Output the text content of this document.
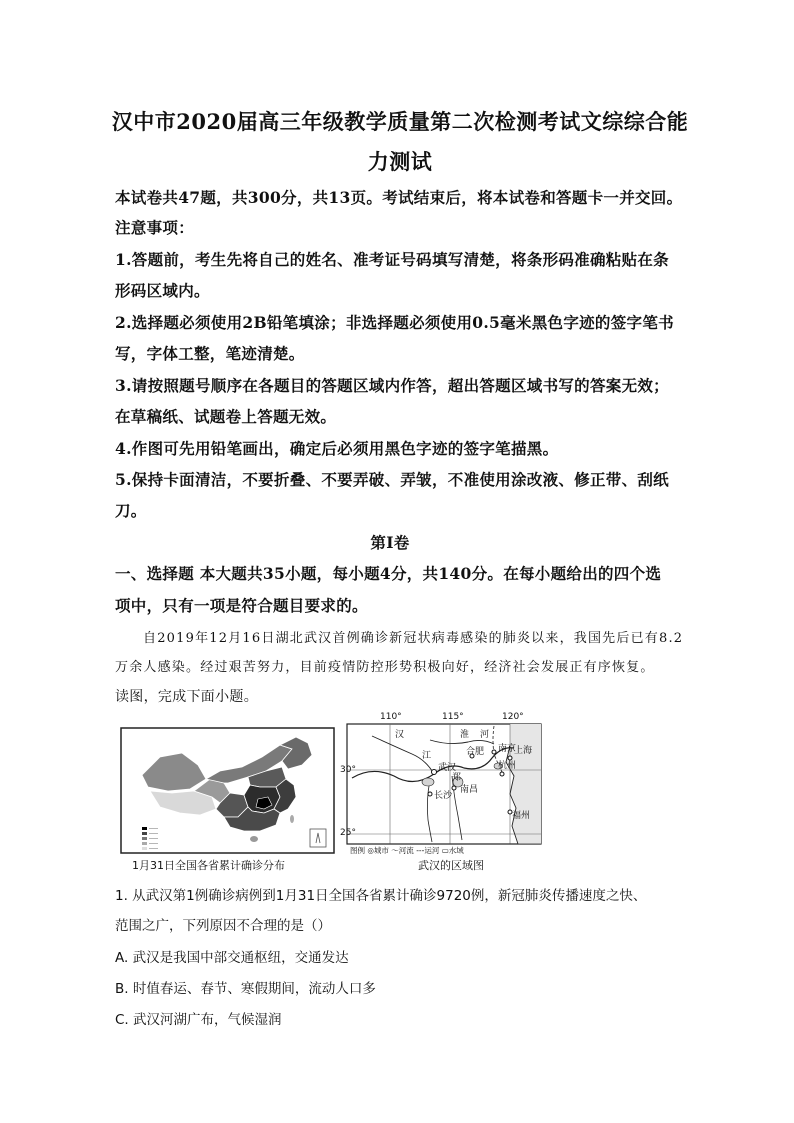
汉中市2020届高三年级教学质量第二次检测考试文综综合能
力测试
本试卷共47题，共300分，共13页。考试结束后，将本试卷和答题卡一并交回。
注意事项：
1.答题前，考生先将自己的姓名、准考证号码填写清楚，将条形码准确粘贴在条
形码区域内。
2.选择题必须使用2B铅笔填涂；非选择题必须使用0.5毫米黑色字迹的签字笔书
写，字体工整，笔迹清楚。
3.请按照题号顺序在各题目的答题区域内作答，超出答题区域书写的答案无效；
在草稿纸、试题卷上答题无效。
4.作图可先用铅笔画出，确定后必须用黑色字迹的签字笔描黑。
5.保持卡面清洁，不要折叠、不要弄破、弄皱，不准使用涂改液、修正带、刮纸
刀。
第Ⅰ卷
一、选择题 本大题共35小题，每小题4分，共140分。在每小题给出的四个选
项中，只有一项是符合题目要求的。
自2019年12月16日湖北武汉首例确诊新冠状病毒感染的肺炎以来，我国先后已有8.2
万余人感染。经过艰苦努力，目前疫情防控形势积极向好，经济社会发展正有序恢复。
读图，完成下面小题。
1月31日全国各省累计确诊分布
110°	115°	120°
30°
25°
汉	淮 河
江
武汉
合肥 南京
上海
杭州
长沙
南昌
福州
郑
图例 ◎城市 〜河流 ---运河 ▭水域
武汉的区域图
1. 从武汉第1例确诊病例到1月31日全国各省累计确诊9720例，新冠肺炎传播速度之快、
范围之广，下列原因不合理的是（）
A. 武汉是我国中部交通枢纽，交通发达
B. 时值春运、春节、寒假期间，流动人口多
C. 武汉河湖广布，气候湿润
